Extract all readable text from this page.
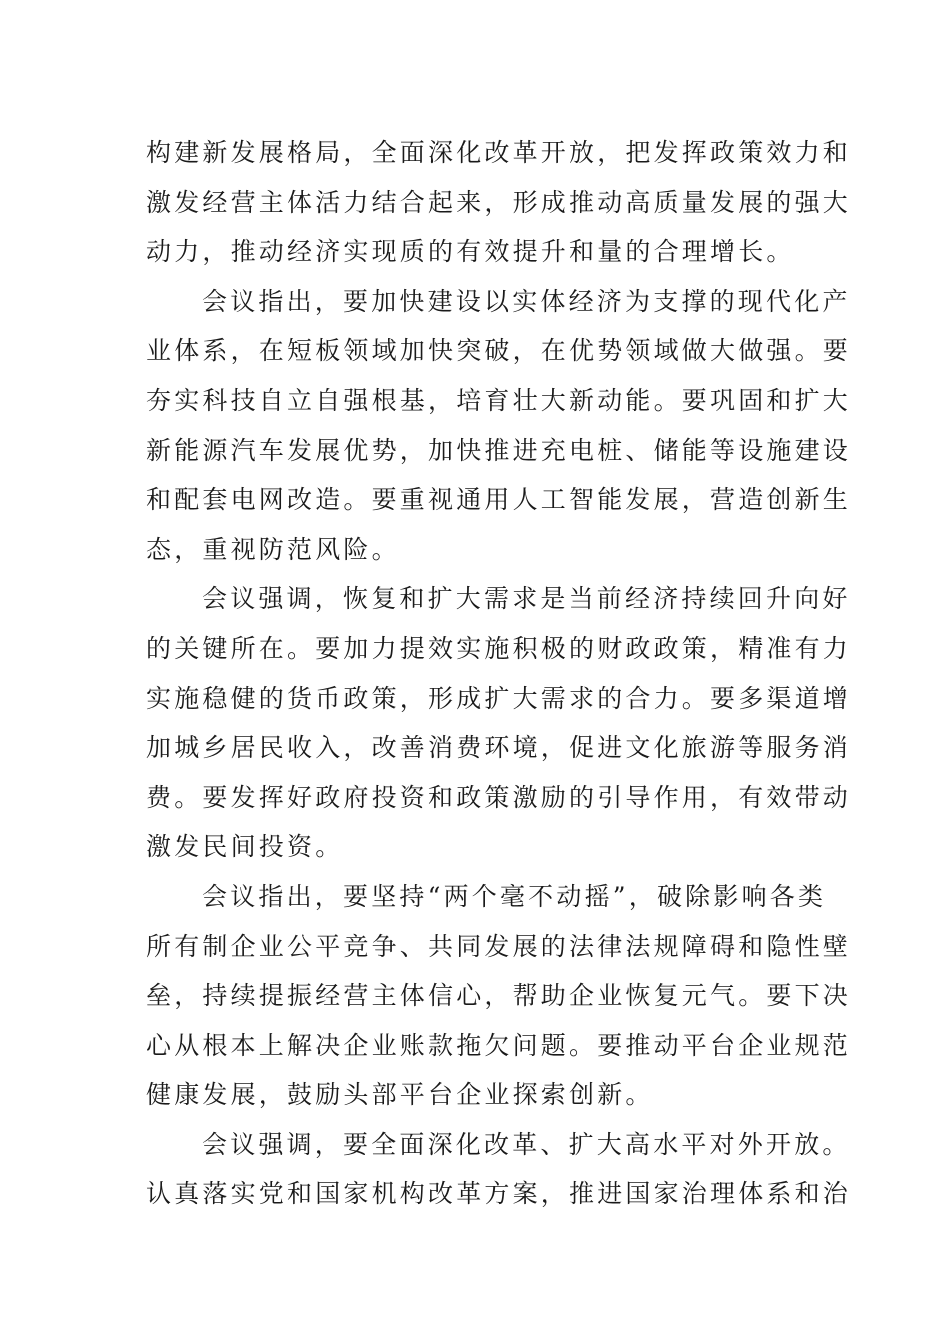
构建新发展格局，全面深化改革开放，把发挥政策效力和
激发经营主体活力结合起来，形成推动高质量发展的强大
动力，推动经济实现质的有效提升和量的合理增长。
会议指出，要加快建设以实体经济为支撑的现代化产
业体系，在短板领域加快突破，在优势领域做大做强。要
夯实科技自立自强根基，培育壮大新动能。要巩固和扩大
新能源汽车发展优势，加快推进充电桩、储能等设施建设
和配套电网改造。要重视通用人工智能发展，营造创新生
态，重视防范风险。
会议强调，恢复和扩大需求是当前经济持续回升向好
的关键所在。要加力提效实施积极的财政政策，精准有力
实施稳健的货币政策，形成扩大需求的合力。要多渠道增
加城乡居民收入，改善消费环境，促进文化旅游等服务消
费。要发挥好政府投资和政策激励的引导作用，有效带动
激发民间投资。
会议指出，要坚持“两个毫不动摇”，破除影响各类
所有制企业公平竞争、共同发展的法律法规障碍和隐性壁
垒，持续提振经营主体信心，帮助企业恢复元气。要下决
心从根本上解决企业账款拖欠问题。要推动平台企业规范
健康发展，鼓励头部平台企业探索创新。
会议强调，要全面深化改革、扩大高水平对外开放。
认真落实党和国家机构改革方案，推进国家治理体系和治
